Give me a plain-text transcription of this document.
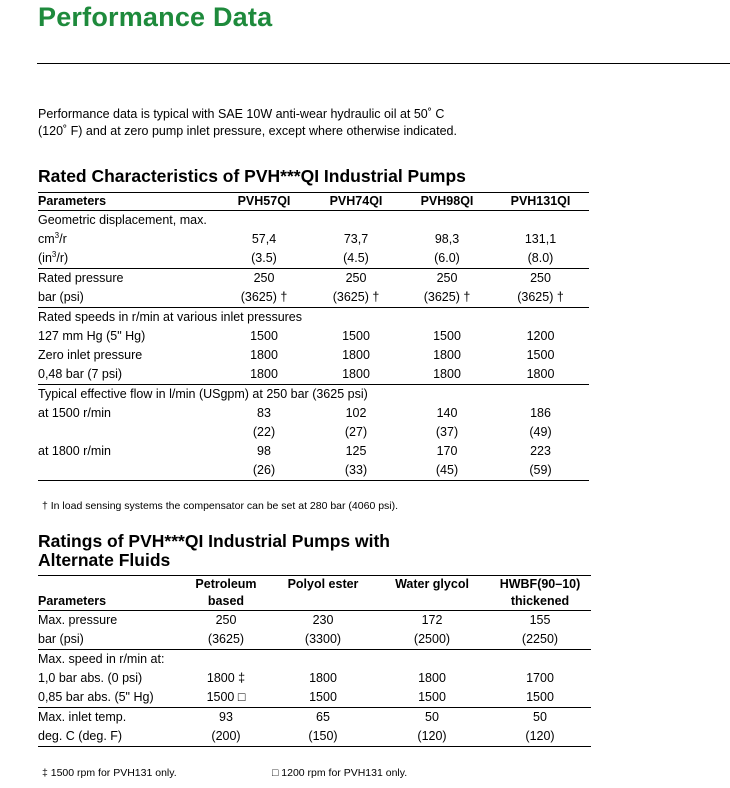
Performance Data
Performance data is typical with SAE 10W anti-wear hydraulic oil at 50˚ C
(120˚ F) and at zero pump inlet pressure, except where otherwise indicated.
Rated Characteristics of PVH***QI Industrial Pumps
Parameters	PVH57QI	PVH74QI	PVH98QI	PVH131QI
Geometric displacement, max.				
$cm^3/r$	57,4	73,7	98,3	131,1
$(in^3/r)$	(3.5)	(4.5)	(6.0)	(8.0)
Rated pressure	250	250	250	250
bar (psi)	(3625) †	(3625) †	(3625) †	(3625) †
Rated speeds in r/min at various inlet pressures				
127 mm Hg (5" Hg)	1500	1500	1500	1200
Zero inlet pressure	1800	1800	1800	1500
0,48 bar (7 psi)	1800	1800	1800	1800
Typical effective flow in l/min (USgpm) at 250 bar (3625 psi)				
at 1500 r/min	83	102	140	186
	(22)	(27)	(37)	(49)
at 1800 r/min	98	125	170	223
	(26)	(33)	(45)	(59)
† In load sensing systems the compensator can be set at 280 bar (4060 psi).
Ratings of PVH***QI Industrial Pumps with
Alternate Fluids
	Petroleum	Polyol ester	Water glycol	HWBF(90–10)
Parameters	based			thickened
Max. pressure	250	230	172	155
bar (psi)	(3625)	(3300)	(2500)	(2250)
Max. speed in r/min at:				
1,0 bar abs. (0 psi)	1800 ‡	1800	1800	1700
0,85 bar abs. (5" Hg)	1500 □	1500	1500	1500
Max. inlet temp.	93	65	50	50
deg. C (deg. F)	(200)	(150)	(120)	(120)
‡ 1500 rpm for PVH131 only.	□ 1200 rpm for PVH131 only.
